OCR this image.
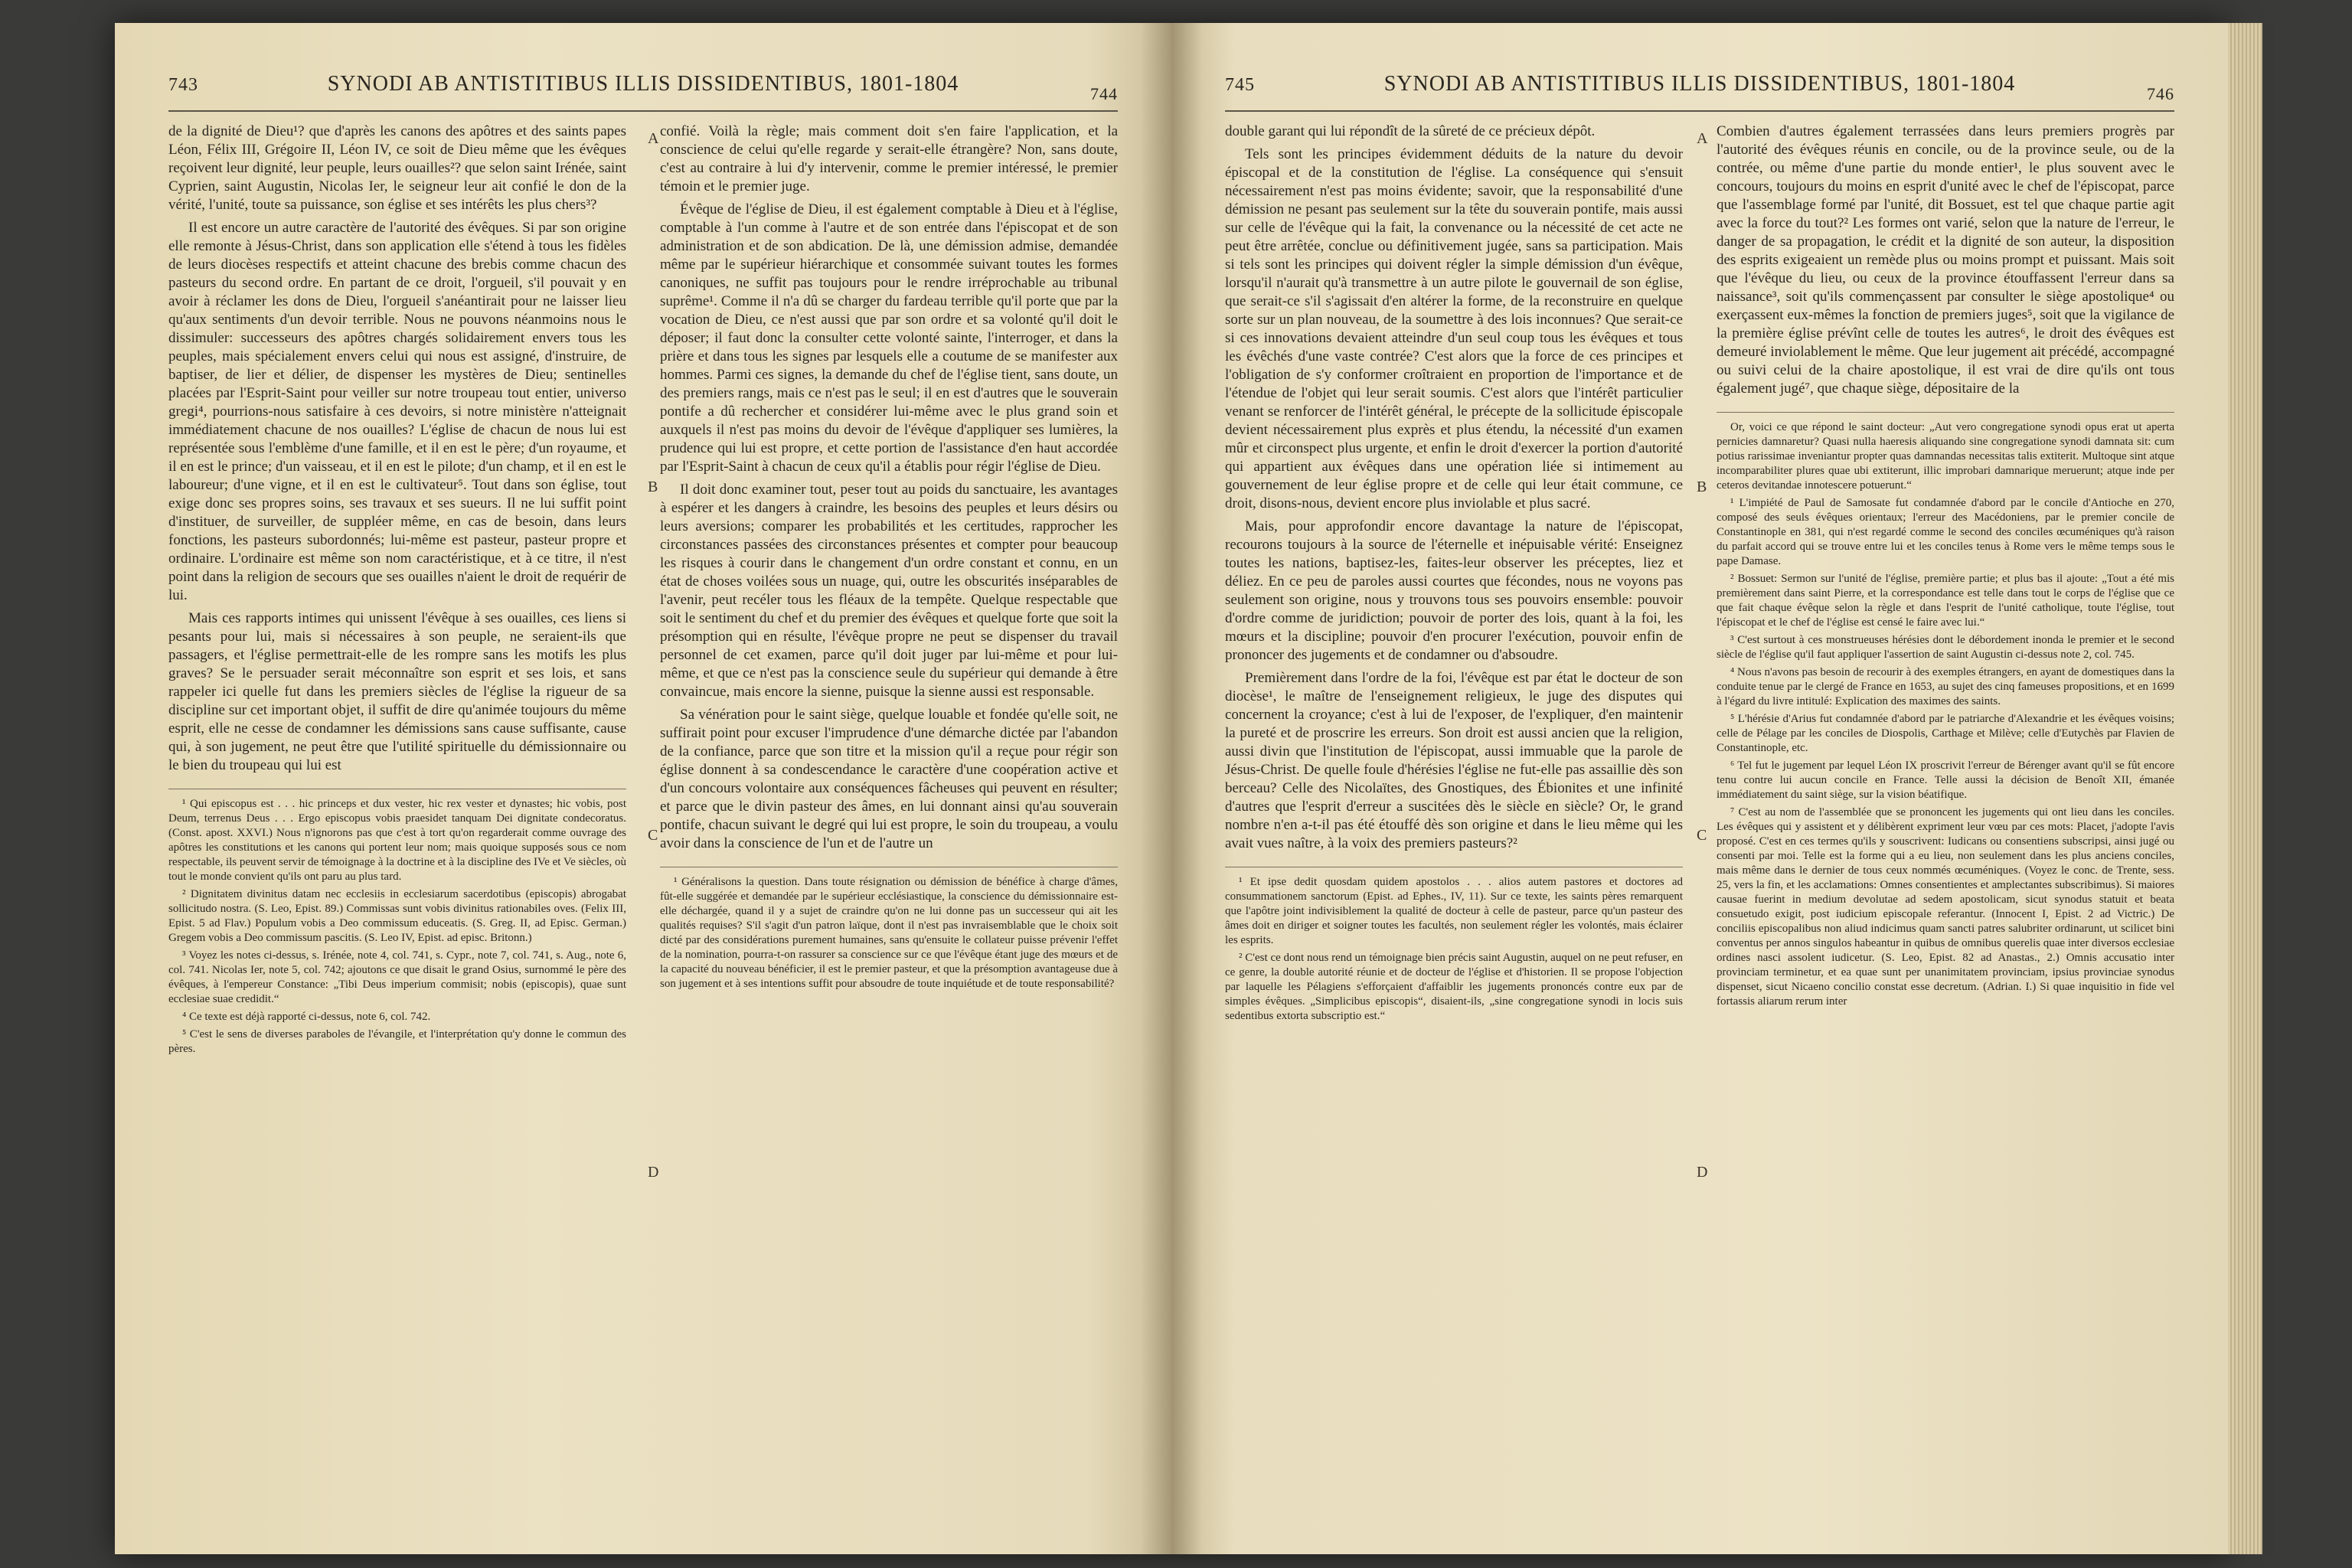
743	SYNODI AB ANTISTITIBUS ILLIS DISSIDENTIBUS, 1801-1804	744

de la dignité de Dieu¹? que d'après les canons des apôtres et des saints papes Léon, Félix III, Grégoire II, Léon IV, ce soit de Dieu même que les évêques reçoivent leur dignité, leur peuple, leurs ouailles²? que selon saint Irénée, saint Cyprien, saint Augustin, Nicolas Ier, le seigneur leur ait confié le don de la vérité, l'unité, toute sa puissance, son église et ses intérêts les plus chers³?

Il est encore un autre caractère de l'autorité des évêques. Si par son origine elle remonte à Jésus-Christ, dans son application elle s'étend à tous les fidèles de leurs diocèses respectifs et atteint chacune des brebis comme chacun des pasteurs du second ordre. En partant de ce droit, l'orgueil, s'il pouvait y en avoir à réclamer les dons de Dieu, l'orgueil s'anéantirait pour ne laisser lieu qu'aux sentiments d'un devoir terrible. Nous ne pouvons néanmoins nous le dissimuler: successeurs des apôtres chargés solidairement envers tous les peuples, mais spécialement envers celui qui nous est assigné, d'instruire, de baptiser, de lier et délier, de dispenser les mystères de Dieu; sentinelles placées par l'Esprit-Saint pour veiller sur notre troupeau tout entier, universo gregi⁴, pourrions-nous satisfaire à ces devoirs, si notre ministère n'atteignait immédiatement chacune de nos ouailles? L'église de chacun de nous lui est représentée sous l'emblème d'une famille, et il en est le père; d'un royaume, et il en est le prince; d'un vaisseau, et il en est le pilote; d'un champ, et il en est le laboureur; d'une vigne, et il en est le cultivateur⁵. Tout dans son église, tout exige donc ses propres soins, ses travaux et ses sueurs. Il ne lui suffit point d'instituer, de surveiller, de suppléer même, en cas de besoin, dans leurs fonctions, les pasteurs subordonnés; lui-même est pasteur, pasteur propre et ordinaire. L'ordinaire est même son nom caractéristique, et à ce titre, il n'est point dans la religion de secours que ses ouailles n'aient le droit de requérir de lui.

Mais ces rapports intimes qui unissent l'évêque à ses ouailles, ces liens si pesants pour lui, mais si nécessaires à son peuple, ne seraient-ils que passagers, et l'église permettrait-elle de les rompre sans les motifs les plus graves? Se le persuader serait méconnaître son esprit et ses lois, et sans rappeler ici quelle fut dans les premiers siècles de l'église la rigueur de sa discipline sur cet important objet, il suffit de dire qu'animée toujours du même esprit, elle ne cesse de condamner les démissions sans cause suffisante, cause qui, à son jugement, ne peut être que l'utilité spirituelle du démissionnaire ou le bien du troupeau qui lui est

¹ Qui episcopus est . . . hic princeps et dux vester, hic rex vester et dynastes; hic vobis, post Deum, terrenus Deus . . . Ergo episcopus vobis praesidet tanquam Dei dignitate condecoratus. (Const. apost. XXVI.) Nous n'ignorons pas que c'est à tort qu'on regarderait comme ouvrage des apôtres les constitutions et les canons qui portent leur nom; mais quoique supposés sous ce nom respectable, ils peuvent servir de témoignage à la doctrine et à la discipline des IVe et Ve siècles, où tout le monde convient qu'ils ont paru au plus tard.

² Dignitatem divinitus datam nec ecclesiis in ecclesiarum sacerdotibus (episcopis) abrogabat sollicitudo nostra. (S. Leo, Epist. 89.) Commissas sunt vobis divinitus rationabiles oves. (Felix III, Epist. 5 ad Flav.) Populum vobis a Deo commissum educeatis. (S. Greg. II, ad Episc. German.) Gregem vobis a Deo commissum pascitis. (S. Leo IV, Epist. ad episc. Britonn.)

³ Voyez les notes ci-dessus, s. Irénée, note 4, col. 741, s. Cypr., note 7, col. 741, s. Aug., note 6, col. 741. Nicolas Ier, note 5, col. 742; ajoutons ce que disait le grand Osius, surnommé le père des évêques, à l'empereur Constance: „Tibi Deus imperium commisit; nobis (episcopis), quae sunt ecclesiae suae credidit.“

⁴ Ce texte est déjà rapporté ci-dessus, note 6, col. 742.

⁵ C'est le sens de diverses paraboles de l'évangile, et l'interprétation qu'y donne le commun des pères.

confié. Voilà la règle; mais comment doit s'en faire l'application, et la conscience de celui qu'elle regarde y serait-elle étrangère? Non, sans doute, c'est au contraire à lui d'y intervenir, comme le premier intéressé, le premier témoin et le premier juge.

Évêque de l'église de Dieu, il est également comptable à Dieu et à l'église, comptable à l'un comme à l'autre et de son entrée dans l'épiscopat et de son administration et de son abdication. De là, une démission admise, demandée même par le supérieur hiérarchique et consommée suivant toutes les formes canoniques, ne suffit pas toujours pour le rendre irréprochable au tribunal suprême¹. Comme il n'a dû se charger du fardeau terrible qu'il porte que par la vocation de Dieu, ce n'est aussi que par son ordre et sa volonté qu'il doit le déposer; il faut donc la consulter cette volonté sainte, l'interroger, et dans la prière et dans tous les signes par lesquels elle a coutume de se manifester aux hommes. Parmi ces signes, la demande du chef de l'église tient, sans doute, un des premiers rangs, mais ce n'est pas le seul; il en est d'autres que le souverain pontife a dû rechercher et considérer lui-même avec le plus grand soin et auxquels il n'est pas moins du devoir de l'évêque d'appliquer ses lumières, la prudence qui lui est propre, et cette portion de l'assistance d'en haut accordée par l'Esprit-Saint à chacun de ceux qu'il a établis pour régir l'église de Dieu.

Il doit donc examiner tout, peser tout au poids du sanctuaire, les avantages à espérer et les dangers à craindre, les besoins des peuples et leurs désirs ou leurs aversions; comparer les probabilités et les certitudes, rapprocher les circonstances passées des circonstances présentes et compter pour beaucoup les risques à courir dans le changement d'un ordre constant et connu, en un état de choses voilées sous un nuage, qui, outre les obscurités inséparables de l'avenir, peut recéler tous les fléaux de la tempête. Quelque respectable que soit le sentiment du chef et du premier des évêques et quelque forte que soit la présomption qui en résulte, l'évêque propre ne peut se dispenser du travail personnel de cet examen, parce qu'il doit juger par lui-même et pour lui-même, et que ce n'est pas la conscience seule du supérieur qui demande à être convaincue, mais encore la sienne, puisque la sienne aussi est responsable.

Sa vénération pour le saint siège, quelque louable et fondée qu'elle soit, ne suffirait point pour excuser l'imprudence d'une démarche dictée par l'abandon de la confiance, parce que son titre et la mission qu'il a reçue pour régir son église donnent à sa condescendance le caractère d'une coopération active et d'un concours volontaire aux conséquences fâcheuses qui peuvent en résulter; et parce que le divin pasteur des âmes, en lui donnant ainsi qu'au souverain pontife, chacun suivant le degré qui lui est propre, le soin du troupeau, a voulu avoir dans la conscience de l'un et de l'autre un

¹ Généralisons la question. Dans toute résignation ou démission de bénéfice à charge d'âmes, fût-elle suggérée et demandée par le supérieur ecclésiastique, la conscience du démissionnaire est-elle déchargée, quand il y a sujet de craindre qu'on ne lui donne pas un successeur qui ait les qualités requises? S'il s'agit d'un patron laïque, dont il n'est pas invraisemblable que le choix soit dicté par des considérations purement humaines, sans qu'ensuite le collateur puisse prévenir l'effet de la nomination, pourra-t-on rassurer sa conscience sur ce que l'évêque étant juge des mœurs et de la capacité du nouveau bénéficier, il est le premier pasteur, et que la présomption avantageuse due à son jugement et à ses intentions suffit pour absoudre de toute inquiétude et de toute responsabilité?

A
B
C
D
745	SYNODI AB ANTISTITIBUS ILLIS DISSIDENTIBUS, 1801-1804	746

double garant qui lui répondît de la sûreté de ce précieux dépôt.

Tels sont les principes évidemment déduits de la nature du devoir épiscopal et de la constitution de l'église. La conséquence qui s'ensuit nécessairement n'est pas moins évidente; savoir, que la responsabilité d'une démission ne pesant pas seulement sur la tête du souverain pontife, mais aussi sur celle de l'évêque qui la fait, la convenance ou la nécessité de cet acte ne peut être arrêtée, conclue ou définitivement jugée, sans sa participation. Mais si tels sont les principes qui doivent régler la simple démission d'un évêque, lorsqu'il n'aurait qu'à transmettre à un autre pilote le gouvernail de son église, que serait-ce s'il s'agissait d'en altérer la forme, de la reconstruire en quelque sorte sur un plan nouveau, de la soumettre à des lois inconnues? Que serait-ce si ces innovations devaient atteindre d'un seul coup tous les évêques et tous les évêchés d'une vaste contrée? C'est alors que la force de ces principes et l'obligation de s'y conformer croîtraient en proportion de l'importance et de l'étendue de l'objet qui leur serait soumis. C'est alors que l'intérêt particulier venant se renforcer de l'intérêt général, le précepte de la sollicitude épiscopale devient nécessairement plus exprès et plus étendu, la nécessité d'un examen mûr et circonspect plus urgente, et enfin le droit d'exercer la portion d'autorité qui appartient aux évêques dans une opération liée si intimement au gouvernement de leur église propre et de celle qui leur était commune, ce droit, disons-nous, devient encore plus inviolable et plus sacré.

Mais, pour approfondir encore davantage la nature de l'épiscopat, recourons toujours à la source de l'éternelle et inépuisable vérité: Enseignez toutes les nations, baptisez-les, faites-leur observer les préceptes, liez et déliez. En ce peu de paroles aussi courtes que fécondes, nous ne voyons pas seulement son origine, nous y trouvons tous ses pouvoirs ensemble: pouvoir d'ordre comme de juridiction; pouvoir de porter des lois, quant à la foi, les mœurs et la discipline; pouvoir d'en procurer l'exécution, pouvoir enfin de prononcer des jugements et de condamner ou d'absoudre.

Premièrement dans l'ordre de la foi, l'évêque est par état le docteur de son diocèse¹, le maître de l'enseignement religieux, le juge des disputes qui concernent la croyance; c'est à lui de l'exposer, de l'expliquer, d'en maintenir la pureté et de proscrire les erreurs. Son droit est aussi ancien que la religion, aussi divin que l'institution de l'épiscopat, aussi immuable que la parole de Jésus-Christ. De quelle foule d'hérésies l'église ne fut-elle pas assaillie dès son berceau? Celle des Nicolaïtes, des Gnostiques, des Ébionites et une infinité d'autres que l'esprit d'erreur a suscitées dès le siècle en siècle? Or, le grand nombre n'en a-t-il pas été étouffé dès son origine et dans le lieu même qui les avait vues naître, à la voix des premiers pasteurs?²

¹ Et ipse dedit quosdam quidem apostolos . . . alios autem pastores et doctores ad consummationem sanctorum (Epist. ad Ephes., IV, 11). Sur ce texte, les saints pères remarquent que l'apôtre joint indivisiblement la qualité de docteur à celle de pasteur, parce qu'un pasteur des âmes doit en diriger et soigner toutes les facultés, non seulement régler les volontés, mais éclairer les esprits.

² C'est ce dont nous rend un témoignage bien précis saint Augustin, auquel on ne peut refuser, en ce genre, la double autorité réunie et de docteur de l'église et d'historien. Il se propose l'objection par laquelle les Pélagiens s'efforçaient d'affaiblir les jugements prononcés contre eux par de simples évêques. „Simplicibus episcopis“, disaient-ils, „sine congregatione synodi in locis suis sedentibus extorta subscriptio est.“

Combien d'autres également terrassées dans leurs premiers progrès par l'autorité des évêques réunis en concile, ou de la province seule, ou de la contrée, ou même d'une partie du monde entier¹, le plus souvent avec le concours, toujours du moins en esprit d'unité avec le chef de l'épiscopat, parce que l'assemblage formé par l'unité, dit Bossuet, est tel que chaque partie agit avec la force du tout?² Les formes ont varié, selon que la nature de l'erreur, le danger de sa propagation, le crédit et la dignité de son auteur, la disposition des esprits exigeaient un remède plus ou moins prompt et puissant. Mais soit que l'évêque du lieu, ou ceux de la province étouffassent l'erreur dans sa naissance³, soit qu'ils commençassent par consulter le siège apostolique⁴ ou exerçassent eux-mêmes la fonction de premiers juges⁵, soit que la vigilance de la première église prévînt celle de toutes les autres⁶, le droit des évêques est demeuré inviolablement le même. Que leur jugement ait précédé, accompagné ou suivi celui de la chaire apostolique, il est vrai de dire qu'ils ont tous également jugé⁷, que chaque siège, dépositaire de la

Or, voici ce que répond le saint docteur: „Aut vero congregatione synodi opus erat ut aperta pernicies damnaretur? Quasi nulla haeresis aliquando sine congregatione synodi damnata sit: cum potius rarissimae inveniantur propter quas damnandas necessitas talis extiterit. Multoque sint atque incomparabiliter plures quae ubi extiterunt, illic improbari damnarique meruerunt; atque inde per ceteros devitandae innotescere potuerunt.“

¹ L'impiété de Paul de Samosate fut condamnée d'abord par le concile d'Antioche en 270, composé des seuls évêques orientaux; l'erreur des Macédoniens, par le premier concile de Constantinople en 381, qui n'est regardé comme le second des conciles œcuméniques qu'à raison du parfait accord qui se trouve entre lui et les conciles tenus à Rome vers le même temps sous le pape Damase.

² Bossuet: Sermon sur l'unité de l'église, première partie; et plus bas il ajoute: „Tout a été mis premièrement dans saint Pierre, et la correspondance est telle dans tout le corps de l'église que ce que fait chaque évêque selon la règle et dans l'esprit de l'unité catholique, toute l'église, tout l'épiscopat et le chef de l'église est censé le faire avec lui.“

³ C'est surtout à ces monstrueuses hérésies dont le débordement inonda le premier et le second siècle de l'église qu'il faut appliquer l'assertion de saint Augustin ci-dessus note 2, col. 745.

⁴ Nous n'avons pas besoin de recourir à des exemples étrangers, en ayant de domestiques dans la conduite tenue par le clergé de France en 1653, au sujet des cinq fameuses propositions, et en 1699 à l'égard du livre intitulé: Explication des maximes des saints.

⁵ L'hérésie d'Arius fut condamnée d'abord par le patriarche d'Alexandrie et les évêques voisins; celle de Pélage par les conciles de Diospolis, Carthage et Milève; celle d'Eutychès par Flavien de Constantinople, etc.

⁶ Tel fut le jugement par lequel Léon IX proscrivit l'erreur de Bérenger avant qu'il se fût encore tenu contre lui aucun concile en France. Telle aussi la décision de Benoît XII, émanée immédiatement du saint siège, sur la vision béatifique.

⁷ C'est au nom de l'assemblée que se prononcent les jugements qui ont lieu dans les conciles. Les évêques qui y assistent et y délibèrent expriment leur vœu par ces mots: Placet, j'adopte l'avis proposé. C'est en ces termes qu'ils y souscrivent: Iudicans ou consentiens subscripsi, ainsi jugé ou consenti par moi. Telle est la forme qui a eu lieu, non seulement dans les plus anciens conciles, mais même dans le dernier de tous ceux nommés œcuméniques. (Voyez le conc. de Trente, sess. 25, vers la fin, et les acclamations: Omnes consentientes et amplectantes subscribimus). Si maiores causae fuerint in medium devolutae ad sedem apostolicam, sicut synodus statuit et beata consuetudo exigit, post iudicium episcopale referantur. (Innocent I, Epist. 2 ad Victric.) De conciliis episcopalibus non aliud indicimus quam sancti patres salubriter ordinarunt, ut scilicet bini conventus per annos singulos habeantur in quibus de omnibus querelis quae inter diversos ecclesiae ordines nasci assolent iudicetur. (S. Leo, Epist. 82 ad Anastas., 2.) Omnis accusatio inter provinciam terminetur, et ea quae sunt per unanimitatem provinciam, ipsius provinciae synodus dispenset, sicut Nicaeno concilio constat esse decretum. (Adrian. I.) Si quae inquisitio in fide vel fortassis aliarum rerum inter

A
B
C
D
